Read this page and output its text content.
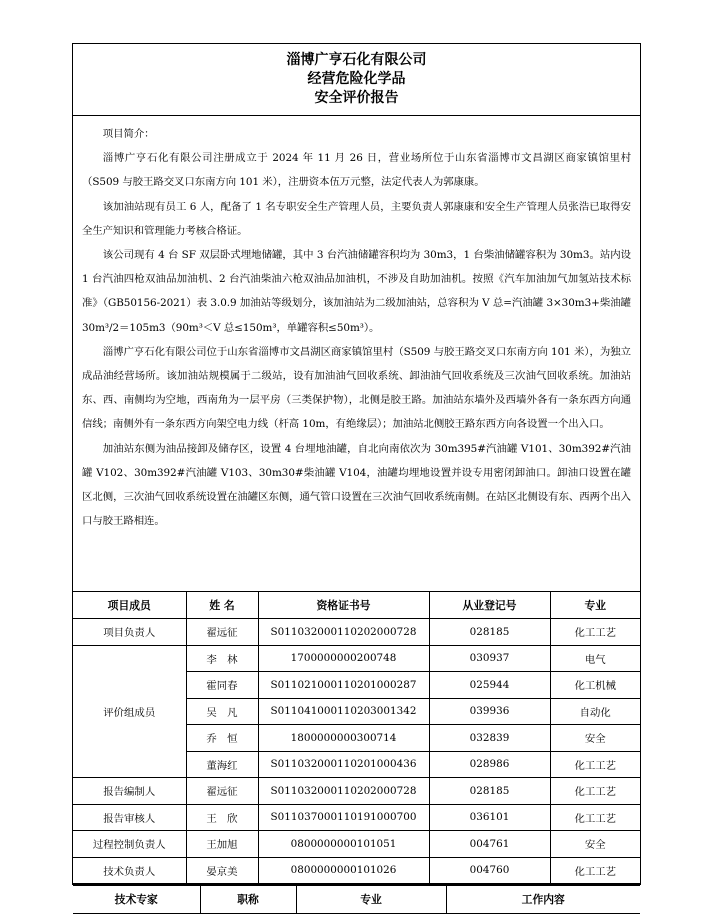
淄博广亨石化有限公司
经营危险化学品
安全评价报告

项目简介：

淄博广亨石化有限公司注册成立于 2024 年 11 月 26 日，营业场所位于山东省淄博市文昌湖区商家镇馆里村（S509 与胶王路交叉口东南方向 101 米），注册资本伍万元整，法定代表人为郭康康。

该加油站现有员工 6 人，配备了 1 名专职安全生产管理人员，主要负责人郭康康和安全生产管理人员张浩已取得安全生产知识和管理能力考核合格证。

该公司现有 4 台 SF 双层卧式埋地储罐，其中 3 台汽油储罐容积均为 30m3，1 台柴油储罐容积为 30m3。站内设 1 台汽油四枪双油品加油机、2 台汽油柴油六枪双油品加油机，不涉及自助加油机。按照《汽车加油加气加氢站技术标准》（GB50156-2021）表 3.0.9 加油站等级划分，该加油站为二级加油站，总容积为 V 总=汽油罐 3×30m3+柴油罐 30m³/2＝105m3（90m³＜V 总≤150m³，单罐容积≤50m³）。

淄博广亨石化有限公司位于山东省淄博市文昌湖区商家镇馆里村（S509 与胶王路交叉口东南方向 101 米），为独立成品油经营场所。该加油站规模属于二级站，设有加油油气回收系统、卸油油气回收系统及三次油气回收系统。加油站东、西、南侧均为空地，西南角为一层平房（三类保护物），北侧是胶王路。加油站东墙外及西墙外各有一条东西方向通信线；南侧外有一条东西方向架空电力线（杆高 10m，有绝缘层）；加油站北侧胶王路东西方向各设置一个出入口。

加油站东侧为油品接卸及储存区，设置 4 台埋地油罐，自北向南依次为 30m395#汽油罐 V101、30m392#汽油罐 V102、30m392#汽油罐 V103、30m30#柴油罐 V104，油罐均埋地设置并设专用密闭卸油口。卸油口设置在罐区北侧，三次油气回收系统设置在油罐区东侧，通气管口设置在三次油气回收系统南侧。在站区北侧设有东、西两个出入口与胶王路相连。

项目成员	姓 名	资格证书号	从业登记号	专业
项目负责人	翟远征	S011032000110202000728	028185	化工工艺
评价组成员	李　林	1700000000200748	030937	电气
	霍同春	S011021000110201000287	025944	化工机械
	吴　凡	S011041000110203001342	039936	自动化
	乔　恒	1800000000300714	032839	安全
	董海红	S011032000110201000436	028986	化工工艺
报告编制人	翟远征	S011032000110202000728	028185	化工工艺
报告审核人	王　欣	S011037000110191000700	036101	化工工艺
过程控制负责人	王加旭	0800000000101051	004761	安全
技术负责人	晏京美	0800000000101026	004760	化工工艺
技术专家	职称	专业	工作内容
